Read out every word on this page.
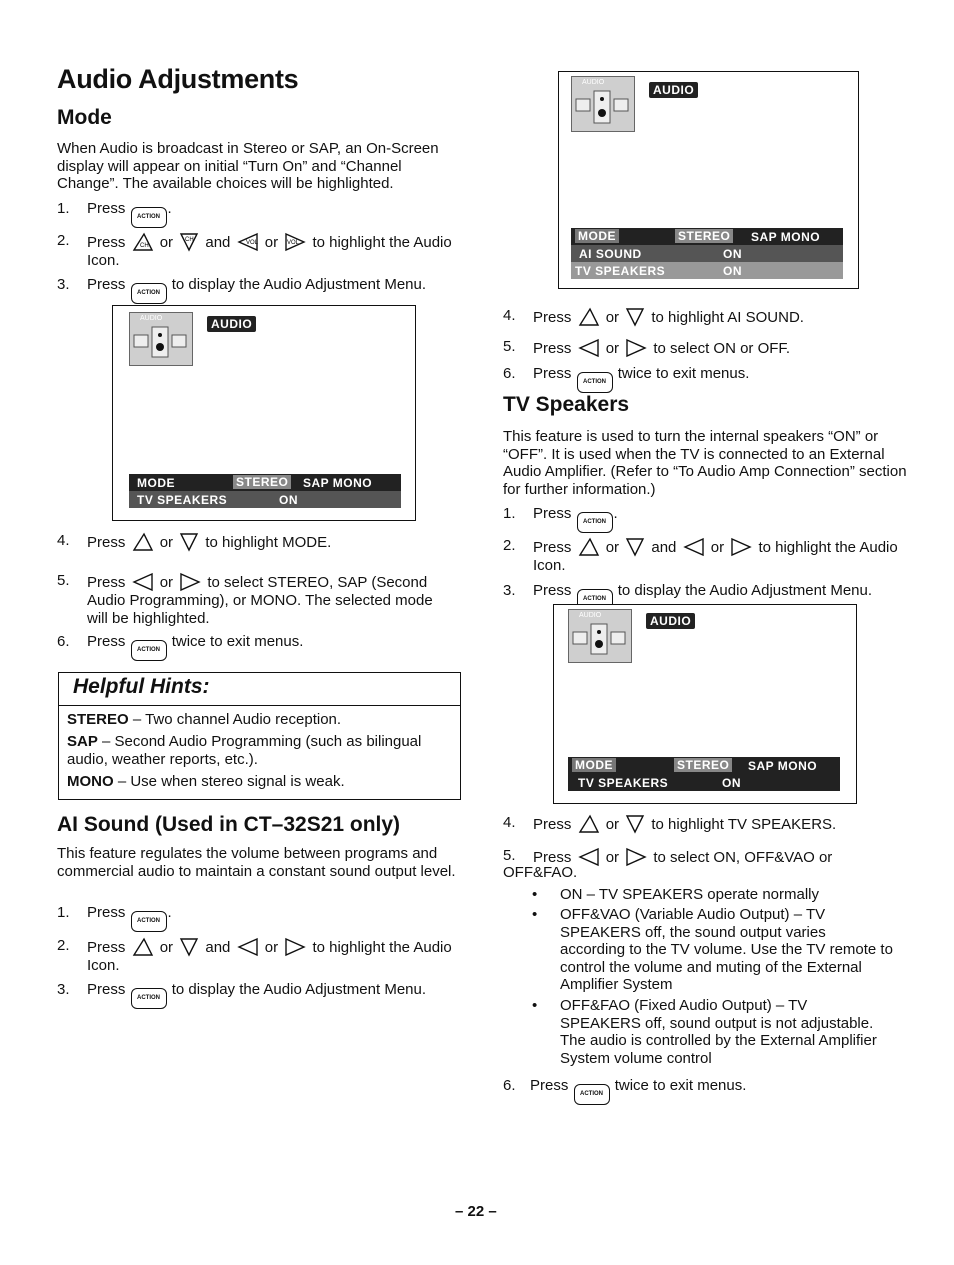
Audio Adjustments
Mode
When Audio is broadcast in Stereo or SAP, an On-Screen display will appear on initial “Turn On” and “Channel Change”. The available choices will be highlighted.
1. Press ACTION .
2. Press CH or CH and	VOL or VOL to highlight the Audio
Icon.
3. Press ACTION to display the Audio Adjustment Menu.
AUDIO	AUDIO
MODE	STEREO SAP MONO
TV SPEAKERS	ON
4. Press or to highlight MODE.
5. Press or to select STEREO, SAP (Second
Audio Programming), or MONO. The selected mode
will be highlighted.
6. Press ACTION twice to exit menus.
Helpful Hints:
STEREO – Two channel Audio reception.
SAP – Second Audio Programming (such as bilingual
audio, weather reports, etc.).
MONO – Use when stereo signal is weak.
AI Sound (Used in CT–32S21 only)
This feature regulates the volume between programs and commercial audio to maintain a constant sound output level.
1. Press ACTION .
2. Press or and or to highlight the Audio
Icon.
3. Press ACTION to display the Audio Adjustment Menu.
AUDIO
AUDIO
MODE	STEREO SAP MONO
AI SOUND	ON
TV SPEAKERS	ON
4. Press or to highlight AI SOUND.
5. Press or to select ON or OFF.
6. Press ACTION twice to exit menus.
TV Speakers
This feature is used to turn the internal speakers “ON” or “OFF”. It is used when the TV is connected to an External Audio Amplifier. (Refer to “To Audio Amp Connection” section for further information.)
1. Press ACTION .
2. Press or and or to highlight the Audio
Icon.
3. Press ACTION to display the Audio Adjustment Menu.
AUDIO	AUDIO
MODE	STEREO SAP MONO
TV SPEAKERS	ON
4. Press or to highlight TV SPEAKERS.
5. Press or to select ON, OFF&VAO or
OFF&FAO.
• ON – TV SPEAKERS operate normally
• OFF&VAO (Variable Audio Output) – TV
SPEAKERS off, the sound output varies
according to the TV volume. Use the TV remote to
control the volume and muting of the External
Amplifier System
• OFF&FAO (Fixed Audio Output) – TV
SPEAKERS off, sound output is not adjustable.
The audio is controlled by the External Amplifier
System volume control
6. Press ACTION twice to exit menus.
– 22 –
